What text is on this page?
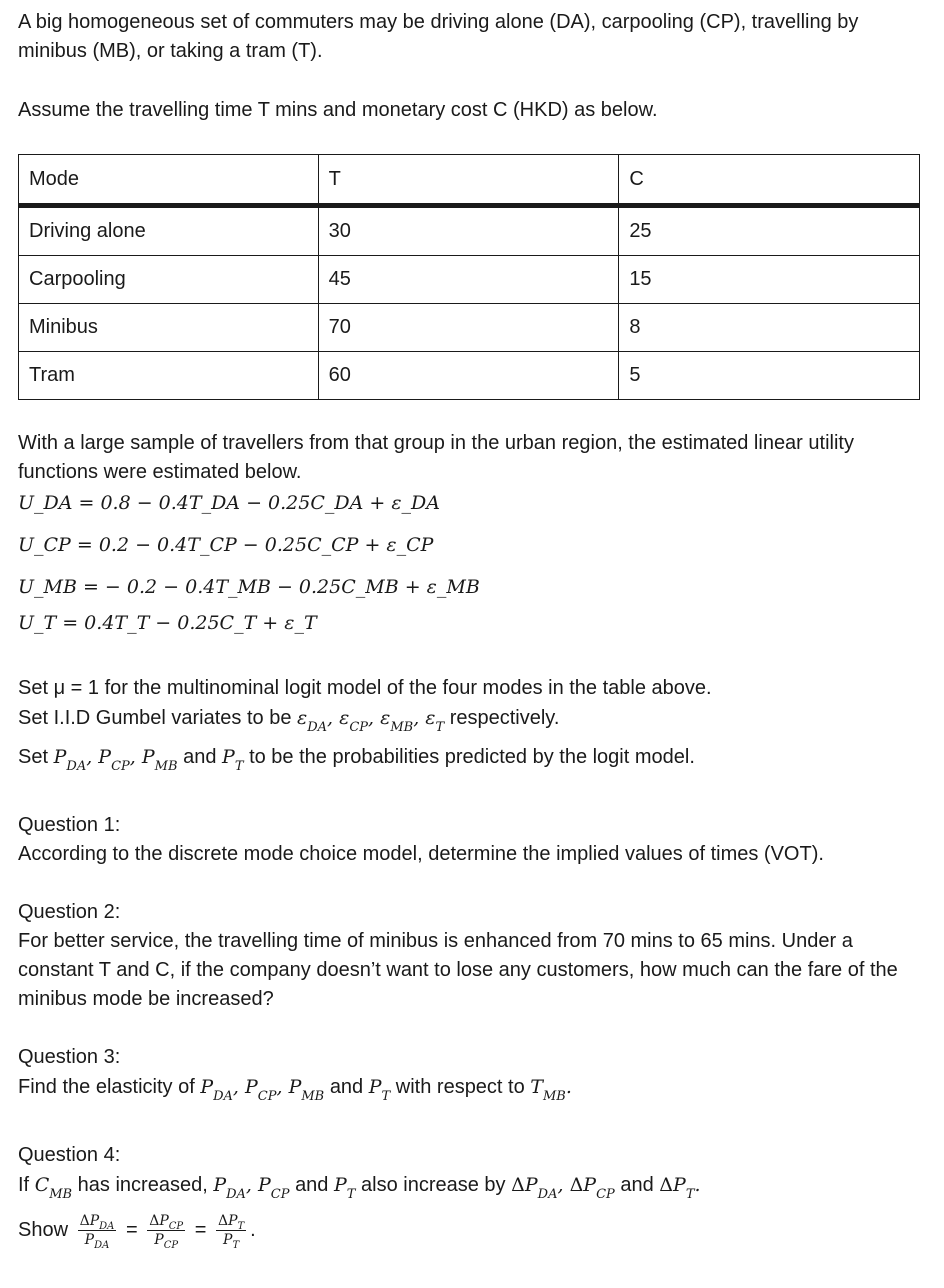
A big homogeneous set of commuters may be driving alone (DA), carpooling (CP), travelling by minibus (MB), or taking a tram (T).

Assume the travelling time T mins and monetary cost C (HKD) as below.

Mode	T	C
Driving alone	30	25
Carpooling	45	15
Minibus	70	8
Tram	60	5

With a large sample of travellers from that group in the urban region, the estimated linear utility functions were estimated below.

U_DA = 0.8 − 0.4T_DA − 0.25C_DA + ε_DA
U_CP = 0.2 − 0.4T_CP − 0.25C_CP + ε_CP
U_MB = − 0.2 − 0.4T_MB − 0.25C_MB + ε_MB
U_T = 0.4T_T − 0.25C_T + ε_T

Set μ = 1 for the multinominal logit model of the four modes in the table above.

Set I.I.D Gumbel variates to be $\varepsilon_{DA}$, $\varepsilon_{CP}$, $\varepsilon_{MB}$, $\varepsilon_T$ respectively.

Set $P_{DA}$, $P_{CP}$, $P_{MB}$ and $P_T$ to be the probabilities predicted by the logit model.

Question 1:

According to the discrete mode choice model, determine the implied values of times (VOT).

Question 2:

For better service, the travelling time of minibus is enhanced from 70 mins to 65 mins. Under a constant T and C, if the company doesn’t want to lose any customers, how much can the fare of the minibus mode be increased?

Question 3:

Find the elasticity of $P_{DA}$, $P_{CP}$, $P_{MB}$ and $P_T$ with respect to $T_{MB}$.

Question 4:

If $C_{MB}$ has increased, $P_{DA}$, $P_{CP}$ and $P_T$ also increase by $\Delta P_{DA}$, $\Delta P_{CP}$ and $\Delta P_T$.

Show $\frac{\Delta P_{DA}}{P_{DA}} = \frac{\Delta P_{CP}}{P_{CP}} = \frac{\Delta P_T}{P_T}$ .
